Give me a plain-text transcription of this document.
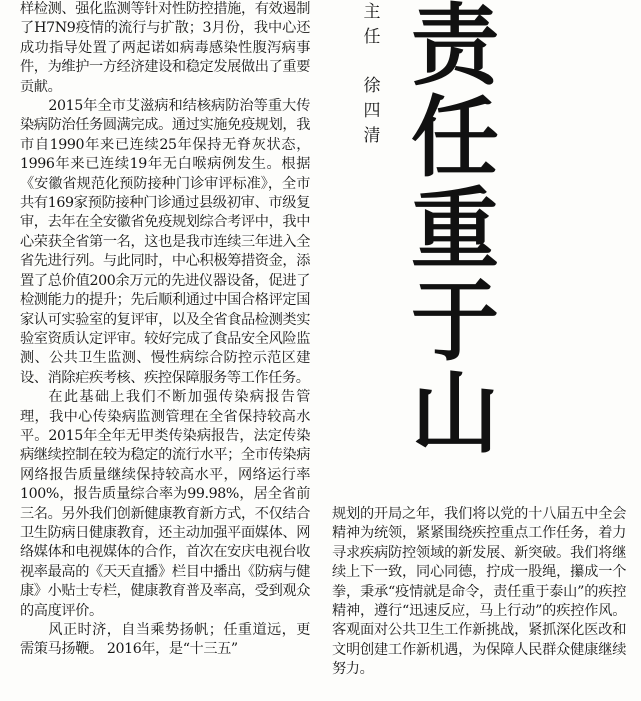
样检测、强化监测等针对性防控措施，有效遏制了H7N9疫情的流行与扩散；3月份，我中心还成功指导处置了两起诺如病毒感染性腹泻病事件，为维护一方经济建设和稳定发展做出了重要贡献。

2015年全市艾滋病和结核病防治等重大传染病防治任务圆满完成。通过实施免疫规划，我市自1990年来已连续25年保持无脊灰状态，1996年来已连续19年无白喉病例发生。根据《安徽省规范化预防接种门诊审评标准》，全市共有169家预防接种门诊通过县级初审、市级复审，去年在全安徽省免疫规划综合考评中，我中心荣获全省第一名，这也是我市连续三年进入全省先进行列。与此同时，中心积极筹措资金，添置了总价值200余万元的先进仪器设备，促进了检测能力的提升；先后顺利通过中国合格评定国家认可实验室的复评审，以及全省食品检测类实验室资质认定评审。较好完成了食品安全风险监测、公共卫生监测、慢性病综合防控示范区建设、消除疟疾考核、疾控保障服务等工作任务。

在此基础上我们不断加强传染病报告管理，我中心传染病监测管理在全省保持较高水平。2015年全年无甲类传染病报告，法定传染病继续控制在较为稳定的流行水平；全市传染病网络报告质量继续保持较高水平，网络运行率100%，报告质量综合率为99.98%，居全省前三名。另外我们创新健康教育新方式，不仅结合卫生防病日健康教育，还主动加强平面媒体、网络媒体和电视媒体的合作，首次在安庆电视台收视率最高的《天天直播》栏目中播出《防病与健康》小贴士专栏，健康教育普及率高，受到观众的高度评价。

风正时济，自当乘势扬帆；任重道远，更需策马扬鞭。 2016年，是“十三五”

主
任
徐
四
清
责
任
重
于
山

规划的开局之年，我们将以党的十八届五中全会精神为统领，紧紧围绕疾控重点工作任务，着力寻求疾病防控领域的新发展、新突破。我们将继续上下一致，同心同德，拧成一股绳，攥成一个拳，秉承“疫情就是命令，责任重于泰山”的疾控精神，遵行“迅速反应，马上行动”的疾控作风。客观面对公共卫生工作新挑战，紧抓深化医改和文明创建工作新机遇，为保障人民群众健康继续努力。
